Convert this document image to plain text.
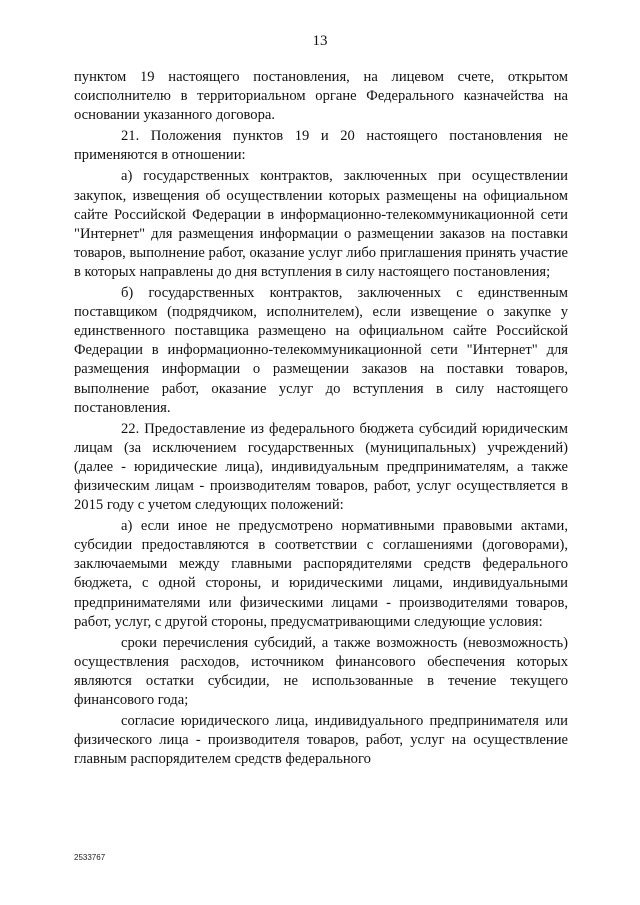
13

пунктом 19 настоящего постановления, на лицевом счете, открытом соисполнителю в территориальном органе Федерального казначейства на основании указанного договора.

21. Положения пунктов 19 и 20 настоящего постановления не применяются в отношении:

а) государственных контрактов, заключенных при осуществлении закупок, извещения об осуществлении которых размещены на официальном сайте Российской Федерации в информационно-телекоммуникационной сети "Интернет" для размещения информации о размещении заказов на поставки товаров, выполнение работ, оказание услуг либо приглашения принять участие в которых направлены до дня вступления в силу настоящего постановления;

б) государственных контрактов, заключенных с единственным поставщиком (подрядчиком, исполнителем), если извещение о закупке у единственного поставщика размещено на официальном сайте Российской Федерации в информационно-телекоммуникационной сети "Интернет" для размещения информации о размещении заказов на поставки товаров, выполнение работ, оказание услуг до вступления в силу настоящего постановления.

22. Предоставление из федерального бюджета субсидий юридическим лицам (за исключением государственных (муниципальных) учреждений) (далее - юридические лица), индивидуальным предпринимателям, а также физическим лицам - производителям товаров, работ, услуг осуществляется в 2015 году с учетом следующих положений:

а) если иное не предусмотрено нормативными правовыми актами, субсидии предоставляются в соответствии с соглашениями (договорами), заключаемыми между главными распорядителями средств федерального бюджета, с одной стороны, и юридическими лицами, индивидуальными предпринимателями или физическими лицами - производителями товаров, работ, услуг, с другой стороны, предусматривающими следующие условия:

сроки перечисления субсидий, а также возможность (невозможность) осуществления расходов, источником финансового обеспечения которых являются остатки субсидии, не использованные в течение текущего финансового года;

согласие юридического лица, индивидуального предпринимателя или физического лица - производителя товаров, работ, услуг на осуществление главным распорядителем средств федерального

2533767
